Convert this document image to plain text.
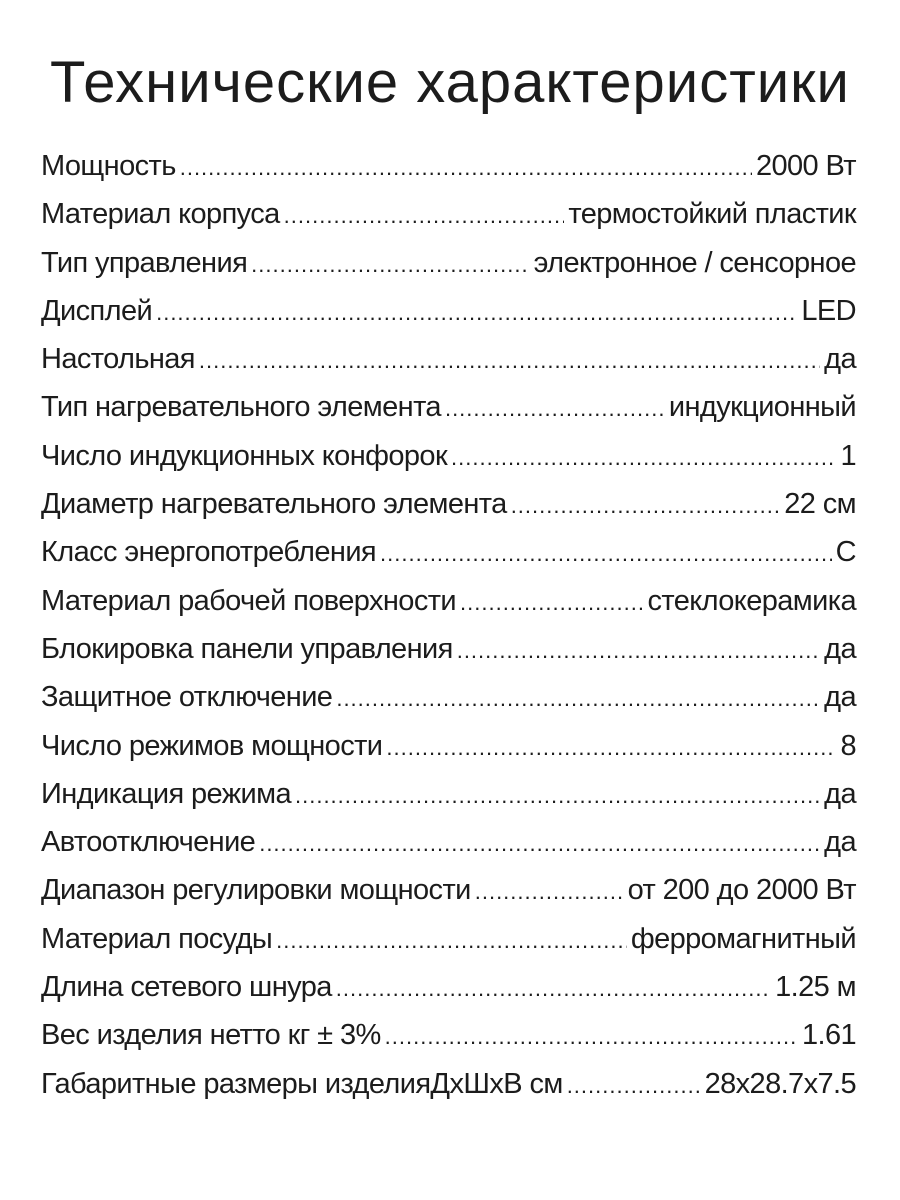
Технические характеристики
Мощность .....	2000 Вт
Материал корпуса .....	термостойкий пластик
Тип управления .....	электронное / сенсорное
Дисплей .....	LED
Настольная .....	да
Тип нагревательного элемента .....	индукционный
Число индукционных конфорок .....	1
Диаметр нагревательного элемента .....	22 см
Класс энергопотребления .....	С
Материал рабочей поверхности .....	стеклокерамика
Блокировка панели управления .....	да
Защитное отключение .....	да
Число режимов мощности .....	8
Индикация режима .....	да
Автоотключение .....	да
Диапазон регулировки мощности .....	от 200 до 2000 Вт
Материал посуды .....	ферромагнитный
Длина сетевого шнура .....	1.25 м
Вес изделия нетто кг ± 3% .....	1.61
Габаритные размеры изделияДхШхВ см .....	28x28.7x7.5
